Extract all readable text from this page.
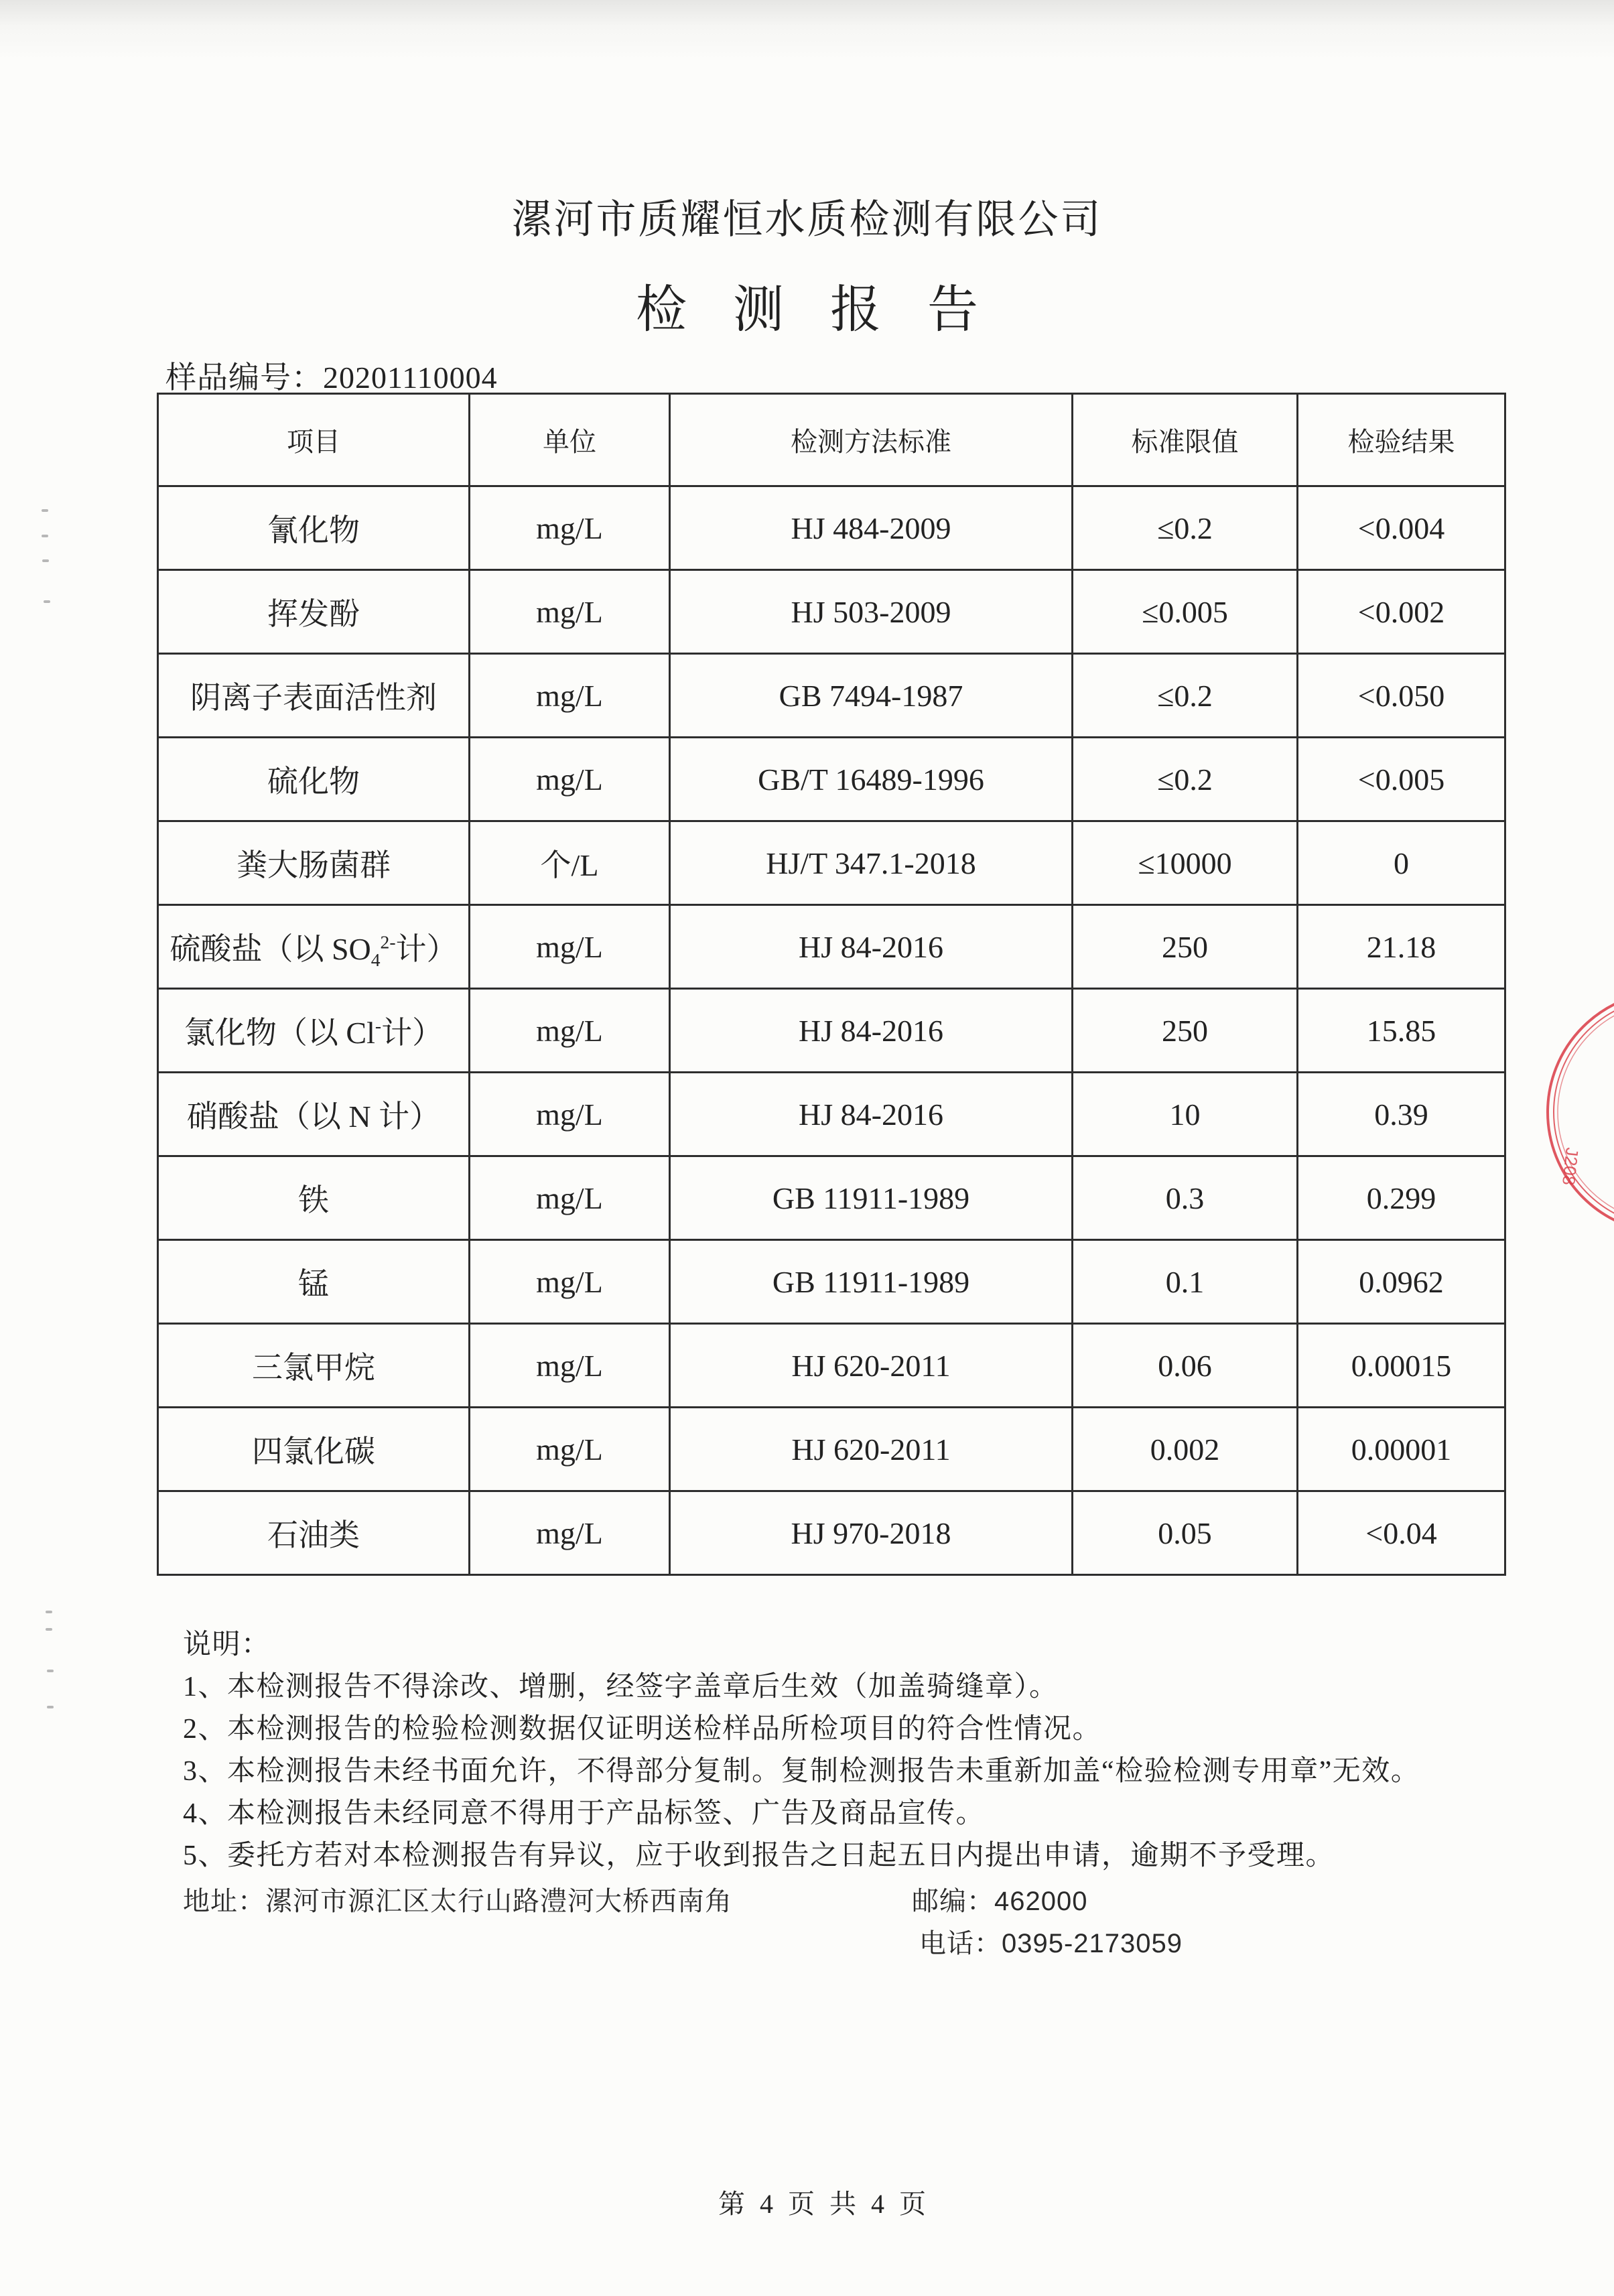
漯河市质耀恒水质检测有限公司
检 测 报 告
样品编号：20201110004
项目	单位	检测方法标准	标准限值	检验结果
氰化物	mg/L	HJ 484-2009	≤0.2	<0.004
挥发酚	mg/L	HJ 503-2009	≤0.005	<0.002
阴离子表面活性剂	mg/L	GB 7494-1987	≤0.2	<0.050
硫化物	mg/L	GB/T 16489-1996	≤0.2	<0.005
粪大肠菌群	个/L	HJ/T 347.1-2018	≤10000	0
硫酸盐（以 $SO_4^{2-}$计）	mg/L	HJ 84-2016	250	21.18
氯化物（以 Cl-计）	mg/L	HJ 84-2016	250	15.85
硝酸盐（以 N 计）	mg/L	HJ 84-2016	10	0.39
铁	mg/L	GB 11911-1989	0.3	0.299
锰	mg/L	GB 11911-1989	0.1	0.0962
三氯甲烷	mg/L	HJ 620-2011	0.06	0.00015
四氯化碳	mg/L	HJ 620-2011	0.002	0.00001
石油类	mg/L	HJ 970-2018	0.05	<0.04
说明：
1、本检测报告不得涂改、增删，经签字盖章后生效（加盖骑缝章）。
2、本检测报告的检验检测数据仅证明送检样品所检项目的符合性情况。
3、本检测报告未经书面允许，不得部分复制。复制检测报告未重新加盖“检验检测专用章”无效。
4、本检测报告未经同意不得用于产品标签、广告及商品宣传。
5、委托方若对本检测报告有异议，应于收到报告之日起五日内提出申请，逾期不予受理。
地址：漯河市源汇区太行山路澧河大桥西南角	邮编：462000
电话：0395-2173059
第 4 页 共 4 页
J208
